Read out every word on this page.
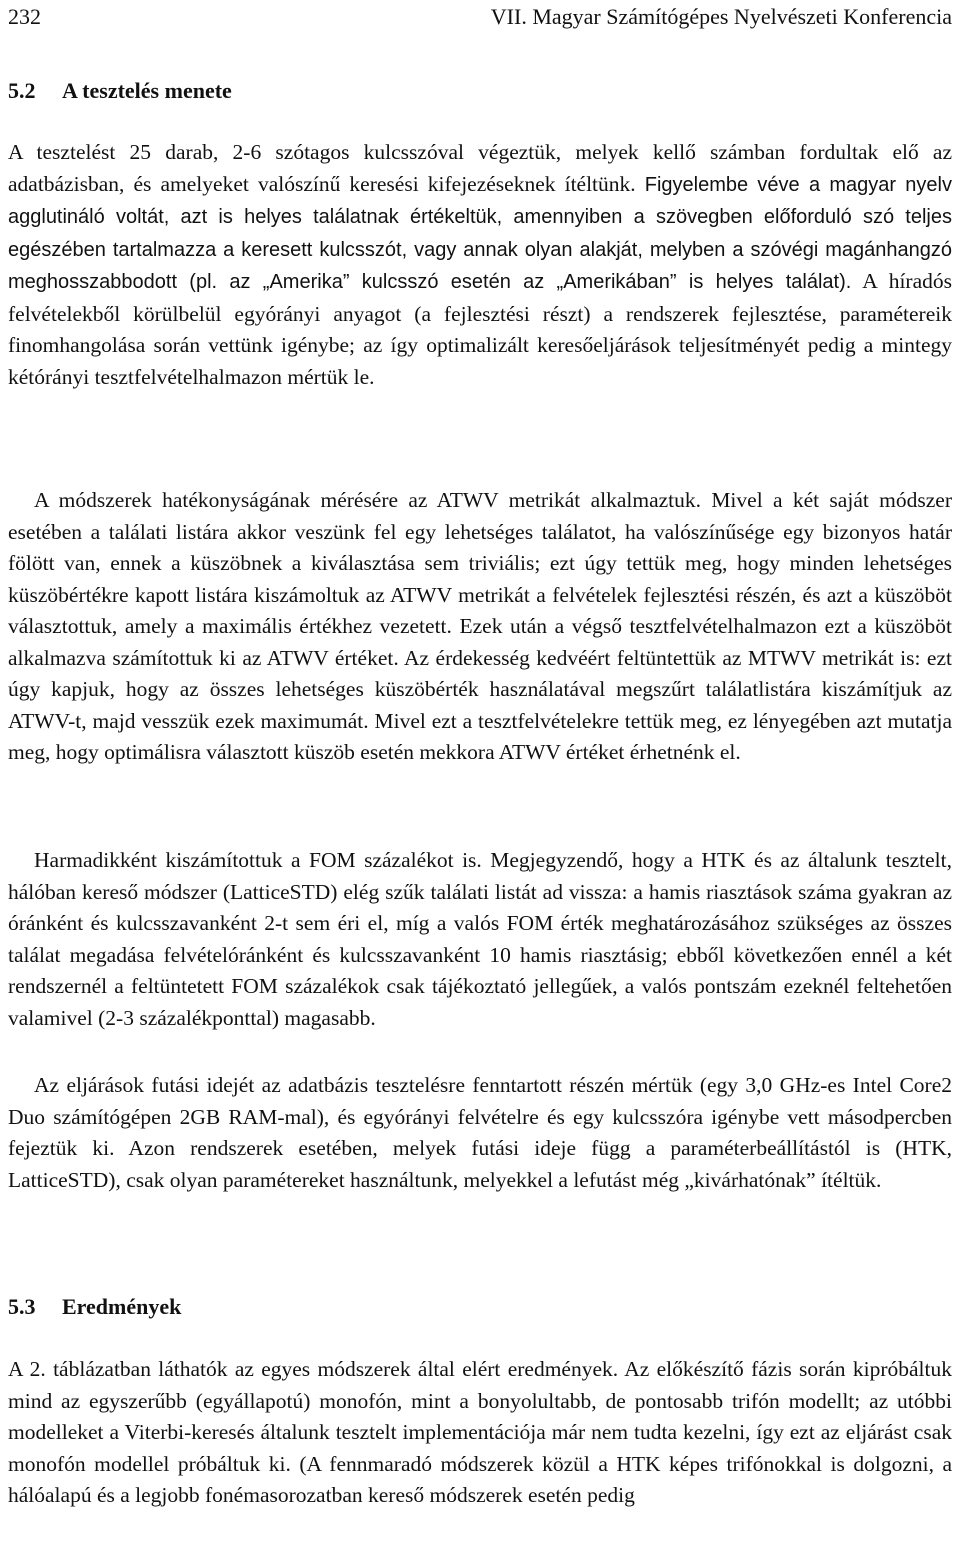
232	VII. Magyar Számítógépes Nyelvészeti Konferencia
5.2 A tesztelés menete

A tesztelést 25 darab, 2-6 szótagos kulcsszóval végeztük, melyek kellő számban fordultak elő az adatbázisban, és amelyeket valószínű keresési kifejezéseknek ítéltünk. Figyelembe véve a magyar nyelv agglutináló voltát, azt is helyes találatnak értékeltük, amennyiben a szövegben előforduló szó teljes egészében tartalmazza a keresett kulcsszót, vagy annak olyan alakját, melyben a szóvégi magánhangzó meghosszabbodott (pl. az „Amerika” kulcsszó esetén az „Amerikában” is helyes találat). A híradós felvételekből körülbelül egyórányi anyagot (a fejlesztési részt) a rendszerek fejlesztése, paramétereik finomhangolása során vettünk igénybe; az így optimalizált keresőeljárások teljesítményét pedig a mintegy kétórányi tesztfelvételhalmazon mértük le.

A módszerek hatékonyságának mérésére az ATWV metrikát alkalmaztuk. Mivel a két saját módszer esetében a találati listára akkor veszünk fel egy lehetséges találatot, ha valószínűsége egy bizonyos határ fölött van, ennek a küszöbnek a kiválasztása sem triviális; ezt úgy tettük meg, hogy minden lehetséges küszöbértékre kapott listára kiszámoltuk az ATWV metrikát a felvételek fejlesztési részén, és azt a küszöböt választottuk, amely a maximális értékhez vezetett. Ezek után a végső tesztfelvételhalmazon ezt a küszöböt alkalmazva számítottuk ki az ATWV értéket. Az érdekesség kedvéért feltüntettük az MTWV metrikát is: ezt úgy kapjuk, hogy az összes lehetséges küszöbérték használatával megszűrt találatlistára kiszámítjuk az ATWV-t, majd vesszük ezek maximumát. Mivel ezt a tesztfelvételekre tettük meg, ez lényegében azt mutatja meg, hogy optimálisra választott küszöb esetén mekkora ATWV értéket érhetnénk el.

Harmadikként kiszámítottuk a FOM százalékot is. Megjegyzendő, hogy a HTK és az általunk tesztelt, hálóban kereső módszer (LatticeSTD) elég szűk találati listát ad vissza: a hamis riasztások száma gyakran az óránként és kulcsszavanként 2-t sem éri el, míg a valós FOM érték meghatározásához szükséges az összes találat megadása felvételóránként és kulcsszavanként 10 hamis riasztásig; ebből következően ennél a két rendszernél a feltüntetett FOM százalékok csak tájékoztató jellegűek, a valós pontszám ezeknél feltehetően valamivel (2-3 százalékponttal) magasabb.

Az eljárások futási idejét az adatbázis tesztelésre fenntartott részén mértük (egy 3,0 GHz-es Intel Core2 Duo számítógépen 2GB RAM-mal), és egyórányi felvételre és egy kulcsszóra igénybe vett másodpercben fejeztük ki. Azon rendszerek esetében, melyek futási ideje függ a paraméterbeállítástól is (HTK, LatticeSTD), csak olyan paramétereket használtunk, melyekkel a lefutást még „kivárhatónak” ítéltük.

5.3 Eredmények

A 2. táblázatban láthatók az egyes módszerek által elért eredmények. Az előkészítő fázis során kipróbáltuk mind az egyszerűbb (egyállapotú) monofón, mint a bonyolultabb, de pontosabb trifón modellt; az utóbbi modelleket a Viterbi-keresés általunk tesztelt implementációja már nem tudta kezelni, így ezt az eljárást csak monofón modellel próbáltuk ki. (A fennmaradó módszerek közül a HTK képes trifónokkal is dolgozni, a hálóalapú és a legjobb fonémasorozatban kereső módszerek esetén pedig
